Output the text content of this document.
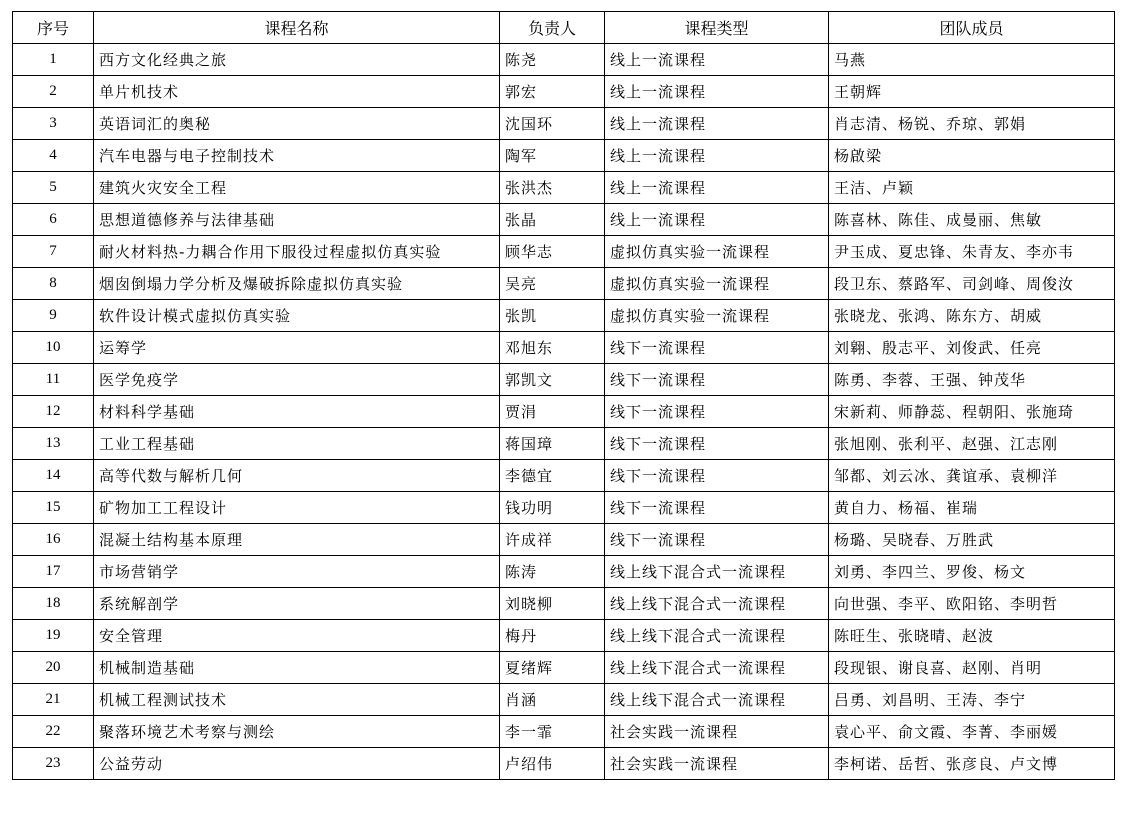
序号	课程名称	负责人	课程类型	团队成员
1	西方文化经典之旅	陈尧	线上一流课程	马燕
2	单片机技术	郭宏	线上一流课程	王朝辉
3	英语词汇的奥秘	沈国环	线上一流课程	肖志清、杨锐、乔琼、郭娟
4	汽车电器与电子控制技术	陶军	线上一流课程	杨啟梁
5	建筑火灾安全工程	张洪杰	线上一流课程	王洁、卢颖
6	思想道德修养与法律基础	张晶	线上一流课程	陈喜林、陈佳、成曼丽、焦敏
7	耐火材料热-力耦合作用下服役过程虚拟仿真实验	顾华志	虚拟仿真实验一流课程	尹玉成、夏忠锋、朱青友、李亦韦
8	烟囱倒塌力学分析及爆破拆除虚拟仿真实验	吴亮	虚拟仿真实验一流课程	段卫东、蔡路军、司剑峰、周俊汝
9	软件设计模式虚拟仿真实验	张凯	虚拟仿真实验一流课程	张晓龙、张鸿、陈东方、胡威
10	运筹学	邓旭东	线下一流课程	刘翱、殷志平、刘俊武、任亮
11	医学免疫学	郭凯文	线下一流课程	陈勇、李蓉、王强、钟茂华
12	材料科学基础	贾涓	线下一流课程	宋新莉、师静蕊、程朝阳、张施琦
13	工业工程基础	蒋国璋	线下一流课程	张旭刚、张利平、赵强、江志刚
14	高等代数与解析几何	李德宜	线下一流课程	邹都、刘云冰、龚谊承、袁柳洋
15	矿物加工工程设计	钱功明	线下一流课程	黄自力、杨福、崔瑞
16	混凝土结构基本原理	许成祥	线下一流课程	杨璐、吴晓春、万胜武
17	市场营销学	陈涛	线上线下混合式一流课程	刘勇、李四兰、罗俊、杨文
18	系统解剖学	刘晓柳	线上线下混合式一流课程	向世强、李平、欧阳铭、李明哲
19	安全管理	梅丹	线上线下混合式一流课程	陈旺生、张晓晴、赵波
20	机械制造基础	夏绪辉	线上线下混合式一流课程	段现银、谢良喜、赵刚、肖明
21	机械工程测试技术	肖涵	线上线下混合式一流课程	吕勇、刘昌明、王涛、李宁
22	聚落环境艺术考察与测绘	李一霏	社会实践一流课程	袁心平、俞文霞、李菁、李丽媛
23	公益劳动	卢绍伟	社会实践一流课程	李柯诺、岳哲、张彦良、卢文博
